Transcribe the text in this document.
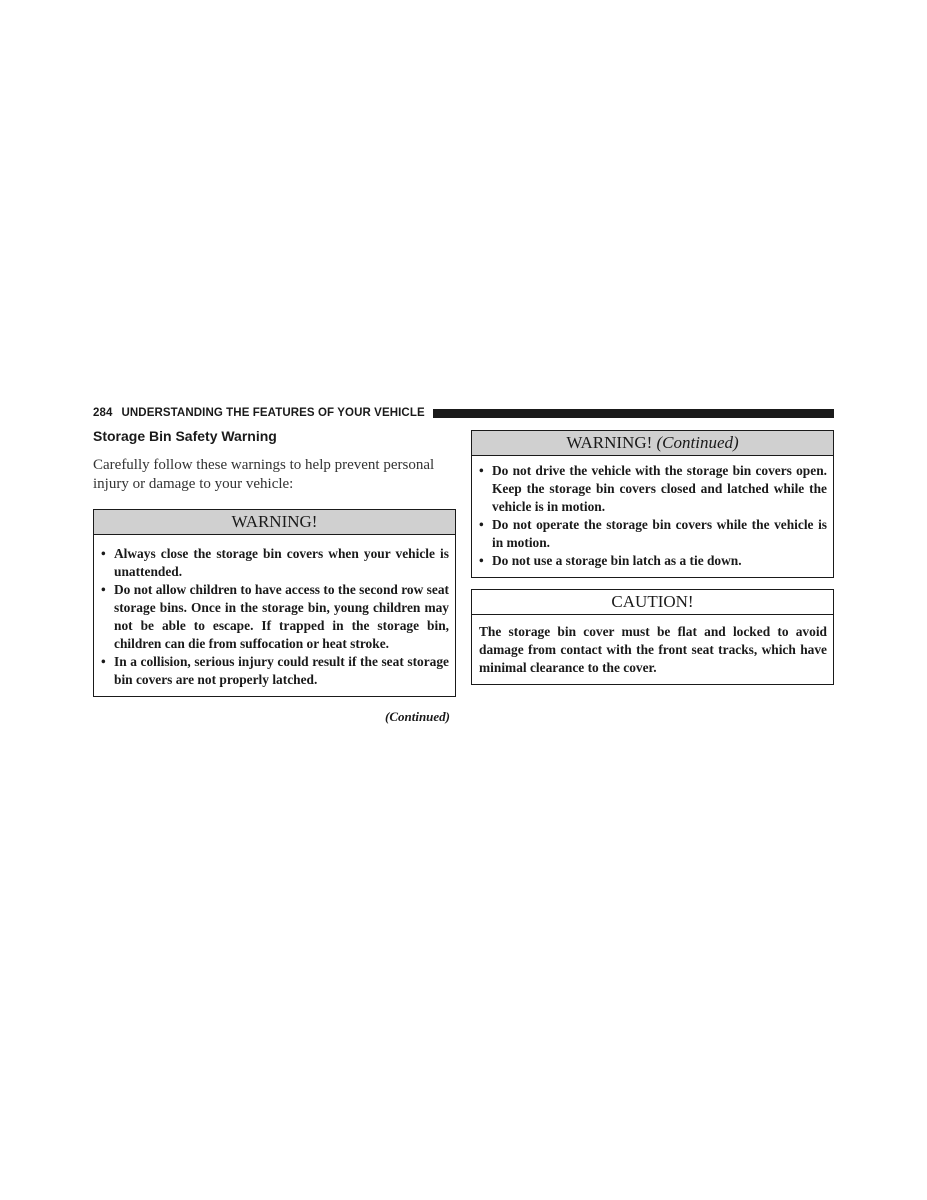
284 UNDERSTANDING THE FEATURES OF YOUR VEHICLE
Storage Bin Safety Warning

Carefully follow these warnings to help prevent personal injury or damage to your vehicle:

WARNING!
• Always close the storage bin covers when your vehicle is unattended.
• Do not allow children to have access to the second row seat storage bins. Once in the storage bin, young children may not be able to escape. If trapped in the storage bin, children can die from suffocation or heat stroke.
• In a collision, serious injury could result if the seat storage bin covers are not properly latched.
(Continued)
WARNING! (Continued)
• Do not drive the vehicle with the storage bin covers open. Keep the storage bin covers closed and latched while the vehicle is in motion.
• Do not operate the storage bin covers while the vehicle is in motion.
• Do not use a storage bin latch as a tie down.
CAUTION!
The storage bin cover must be flat and locked to avoid damage from contact with the front seat tracks, which have minimal clearance to the cover.
